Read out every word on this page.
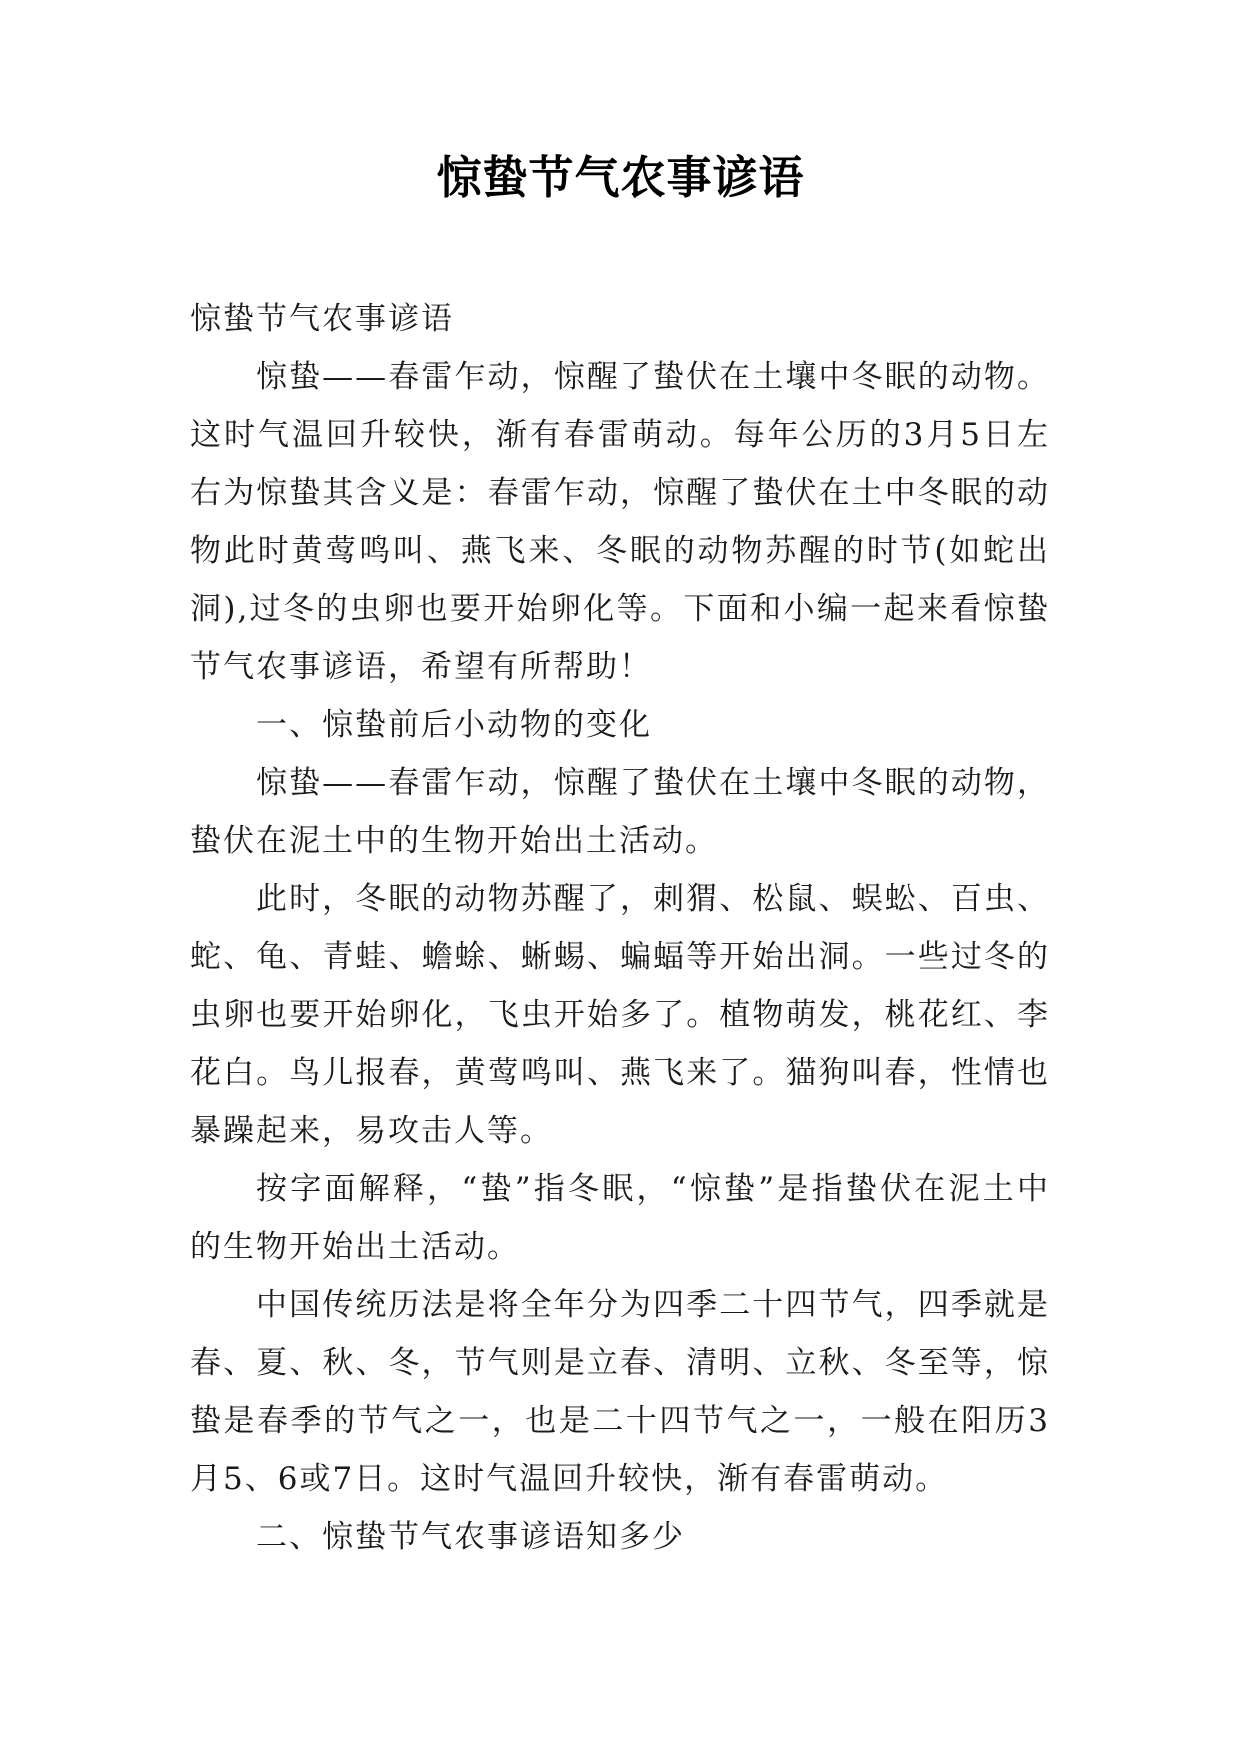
惊蛰节气农事谚语

惊蛰节气农事谚语

惊蛰——春雷乍动，惊醒了蛰伏在土壤中冬眠的动物。这时气温回升较快，渐有春雷萌动。每年公历的3月5日左右为惊蛰其含义是：春雷乍动，惊醒了蛰伏在土中冬眠的动物此时黄莺鸣叫、燕飞来、冬眠的动物苏醒的时节(如蛇出洞),过冬的虫卵也要开始卵化等。下面和小编一起来看惊蛰节气农事谚语，希望有所帮助！

一、惊蛰前后小动物的变化

惊蛰——春雷乍动，惊醒了蛰伏在土壤中冬眠的动物，蛰伏在泥土中的生物开始出土活动。

此时，冬眠的动物苏醒了，刺猬、松鼠、蜈蚣、百虫、蛇、龟、青蛙、蟾蜍、蜥蜴、蝙蝠等开始出洞。一些过冬的虫卵也要开始卵化，飞虫开始多了。植物萌发，桃花红、李花白。鸟儿报春，黄莺鸣叫、燕飞来了。猫狗叫春，性情也暴躁起来，易攻击人等。

按字面解释，“蛰”指冬眠，“惊蛰”是指蛰伏在泥土中的生物开始出土活动。

中国传统历法是将全年分为四季二十四节气，四季就是春、夏、秋、冬，节气则是立春、清明、立秋、冬至等，惊蛰是春季的节气之一，也是二十四节气之一，一般在阳历3月5、6或7日。这时气温回升较快，渐有春雷萌动。

二、惊蛰节气农事谚语知多少
